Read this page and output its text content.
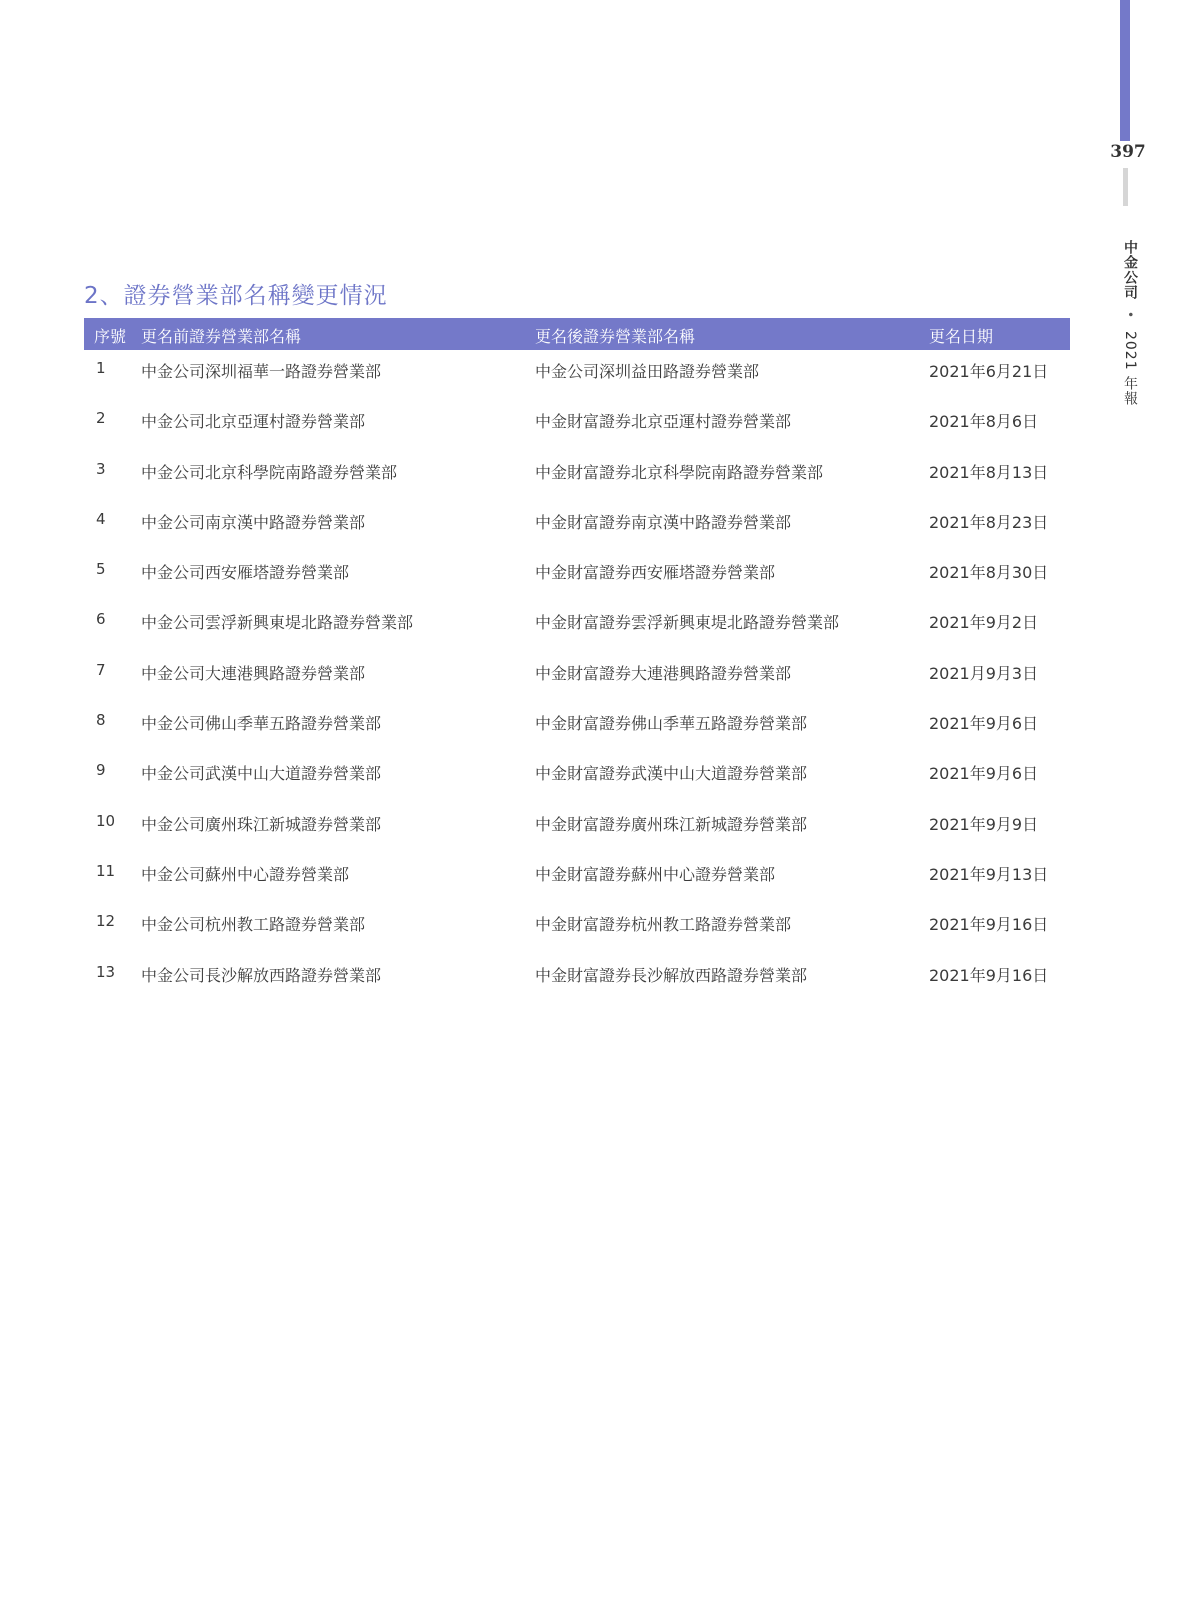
397
中金公司 • 2021 年報
2、證券營業部名稱變更情況
序號 更名前證券營業部名稱	更名後證券營業部名稱	更名日期
1 中金公司深圳福華一路證券營業部	中金公司深圳益田路證券營業部	2021年6月21日
2 中金公司北京亞運村證券營業部	中金財富證券北京亞運村證券營業部	2021年8月6日
3 中金公司北京科學院南路證券營業部	中金財富證券北京科學院南路證券營業部	2021年8月13日
4 中金公司南京漢中路證券營業部	中金財富證券南京漢中路證券營業部	2021年8月23日
5 中金公司西安雁塔證券營業部	中金財富證券西安雁塔證券營業部	2021年8月30日
6 中金公司雲浮新興東堤北路證券營業部	中金財富證券雲浮新興東堤北路證券營業部	2021年9月2日
7 中金公司大連港興路證券營業部	中金財富證券大連港興路證券營業部	2021月9月3日
8 中金公司佛山季華五路證券營業部	中金財富證券佛山季華五路證券營業部	2021年9月6日
9 中金公司武漢中山大道證券營業部	中金財富證券武漢中山大道證券營業部	2021年9月6日
10 中金公司廣州珠江新城證券營業部	中金財富證券廣州珠江新城證券營業部	2021年9月9日
11 中金公司蘇州中心證券營業部	中金財富證券蘇州中心證券營業部	2021年9月13日
12 中金公司杭州教工路證券營業部	中金財富證券杭州教工路證券營業部	2021年9月16日
13 中金公司長沙解放西路證券營業部	中金財富證券長沙解放西路證券營業部	2021年9月16日
